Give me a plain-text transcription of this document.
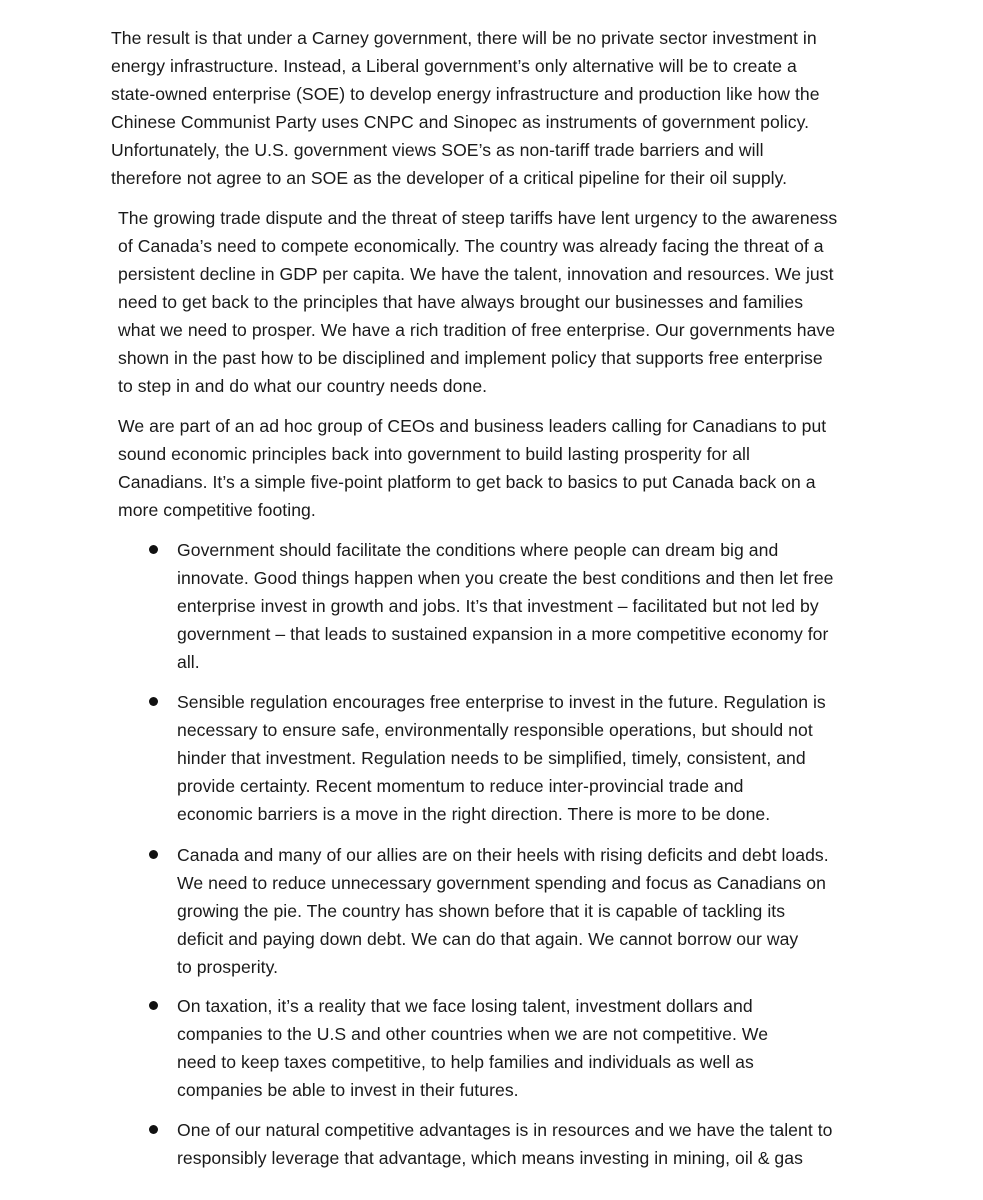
The result is that under a Carney government, there will be no private sector investment in

energy infrastructure. Instead, a Liberal government’s only alternative will be to create a

state-owned enterprise (SOE) to develop energy infrastructure and production like how the

Chinese Communist Party uses CNPC and Sinopec as instruments of government policy.

Unfortunately, the U.S. government views SOE’s as non-tariff trade barriers and will

therefore not agree to an SOE as the developer of a critical pipeline for their oil supply.

The growing trade dispute and the threat of steep tariffs have lent urgency to the awareness

of Canada’s need to compete economically. The country was already facing the threat of a

persistent decline in GDP per capita. We have the talent, innovation and resources. We just

need to get back to the principles that have always brought our businesses and families

what we need to prosper. We have a rich tradition of free enterprise. Our governments have

shown in the past how to be disciplined and implement policy that supports free enterprise

to step in and do what our country needs done.

We are part of an ad hoc group of CEOs and business leaders calling for Canadians to put

sound economic principles back into government to build lasting prosperity for all

Canadians. It’s a simple five-point platform to get back to basics to put Canada back on a

more competitive footing.

Government should facilitate the conditions where people can dream big and

innovate. Good things happen when you create the best conditions and then let free

enterprise invest in growth and jobs. It’s that investment – facilitated but not led by

government – that leads to sustained expansion in a more competitive economy for

all.

Sensible regulation encourages free enterprise to invest in the future. Regulation is

necessary to ensure safe, environmentally responsible operations, but should not

hinder that investment. Regulation needs to be simplified, timely, consistent, and

provide certainty. Recent momentum to reduce inter-provincial trade and

economic barriers is a move in the right direction. There is more to be done.

Canada and many of our allies are on their heels with rising deficits and debt loads.

We need to reduce unnecessary government spending and focus as Canadians on

growing the pie. The country has shown before that it is capable of tackling its

deficit and paying down debt. We can do that again. We cannot borrow our way

to prosperity.

On taxation, it’s a reality that we face losing talent, investment dollars and

companies to the U.S and other countries when we are not competitive. We

need to keep taxes competitive, to help families and individuals as well as

companies be able to invest in their futures.

One of our natural competitive advantages is in resources and we have the talent to

responsibly leverage that advantage, which means investing in mining, oil & gas
